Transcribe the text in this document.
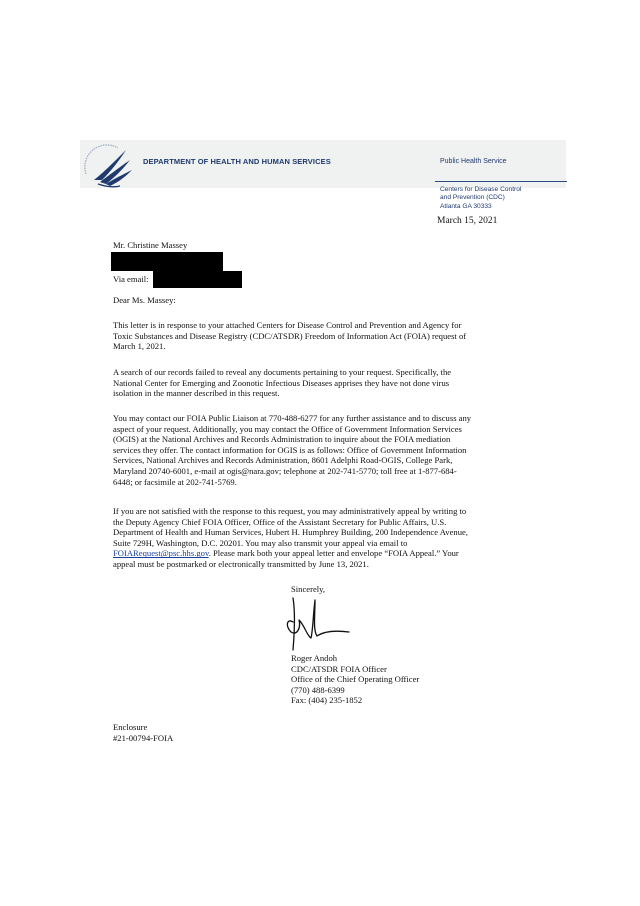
DEPARTMENT OF HEALTH AND HUMAN SERVICES	Public Health Service
Centers for Disease Control
and Prevention (CDC)
Atlanta GA 30333
March 15, 2021
Mr. Christine Massey
Via email:
Dear Ms. Massey:
This letter is in response to your attached Centers for Disease Control and Prevention and Agency for
Toxic Substances and Disease Registry (CDC/ATSDR) Freedom of Information Act (FOIA) request of
March 1, 2021.
A search of our records failed to reveal any documents pertaining to your request. Specifically, the
National Center for Emerging and Zoonotic Infectious Diseases apprises they have not done virus
isolation in the manner described in this request.
You may contact our FOIA Public Liaison at 770-488-6277 for any further assistance and to discuss any
aspect of your request. Additionally, you may contact the Office of Government Information Services
(OGIS) at the National Archives and Records Administration to inquire about the FOIA mediation
services they offer. The contact information for OGIS is as follows: Office of Government Information
Services, National Archives and Records Administration, 8601 Adelphi Road-OGIS, College Park,
Maryland 20740-6001, e-mail at ogis@nara.gov; telephone at 202-741-5770; toll free at 1-877-684-
6448; or facsimile at 202-741-5769.
If you are not satisfied with the response to this request, you may administratively appeal by writing to
the Deputy Agency Chief FOIA Officer, Office of the Assistant Secretary for Public Affairs, U.S.
Department of Health and Human Services, Hubert H. Humphrey Building, 200 Independence Avenue,
Suite 729H, Washington, D.C. 20201. You may also transmit your appeal via email to
FOIARequest@psc.hhs.gov. Please mark both your appeal letter and envelope “FOIA Appeal.” Your
appeal must be postmarked or electronically transmitted by June 13, 2021.
Sincerely,
Roger Andoh
CDC/ATSDR FOIA Officer
Office of the Chief Operating Officer
(770) 488-6399
Fax: (404) 235-1852
Enclosure
#21-00794-FOIA
